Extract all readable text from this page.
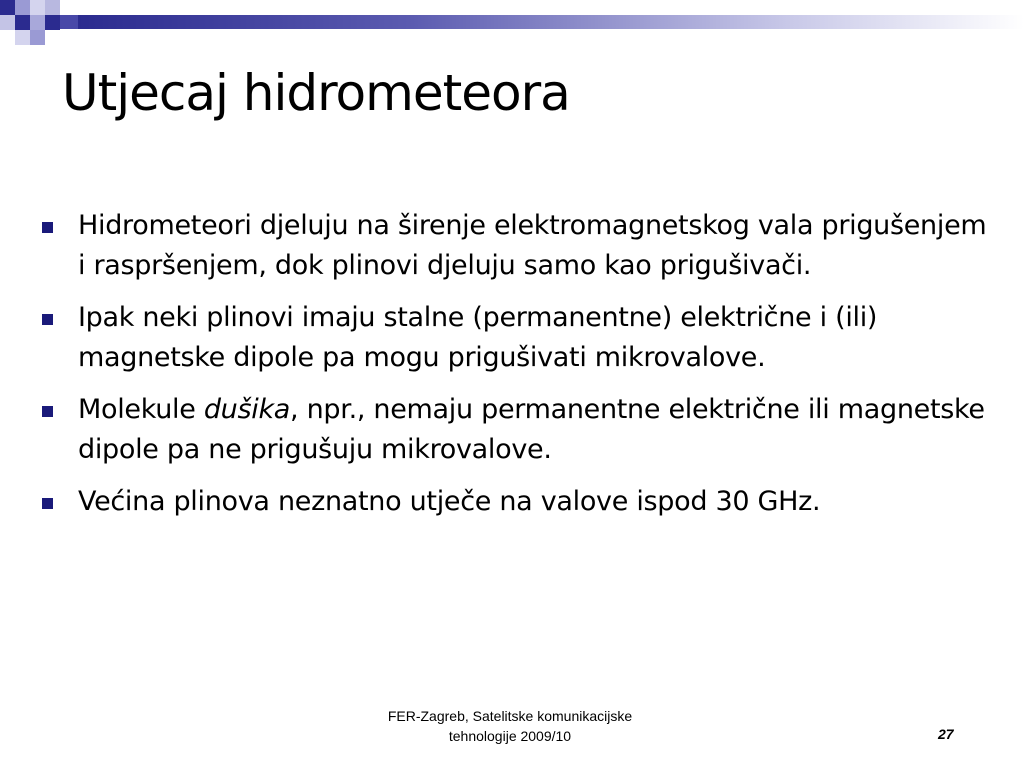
Utjecaj hidrometeora
Hidrometeori djeluju na širenje elektromagnetskog vala prigušenjem i raspršenjem, dok plinovi djeluju samo kao prigušivači.
Ipak neki plinovi imaju stalne (permanentne) električne i (ili) magnetske dipole pa mogu prigušivati mikrovalove.
Molekule dušika, npr., nemaju permanentne električne ili magnetske dipole pa ne prigušuju mikrovalove.
Većina plinova neznatno utječe na valove ispod 30 GHz.
FER-Zagreb, Satelitske komunikacijske
tehnologije 2009/10	27
